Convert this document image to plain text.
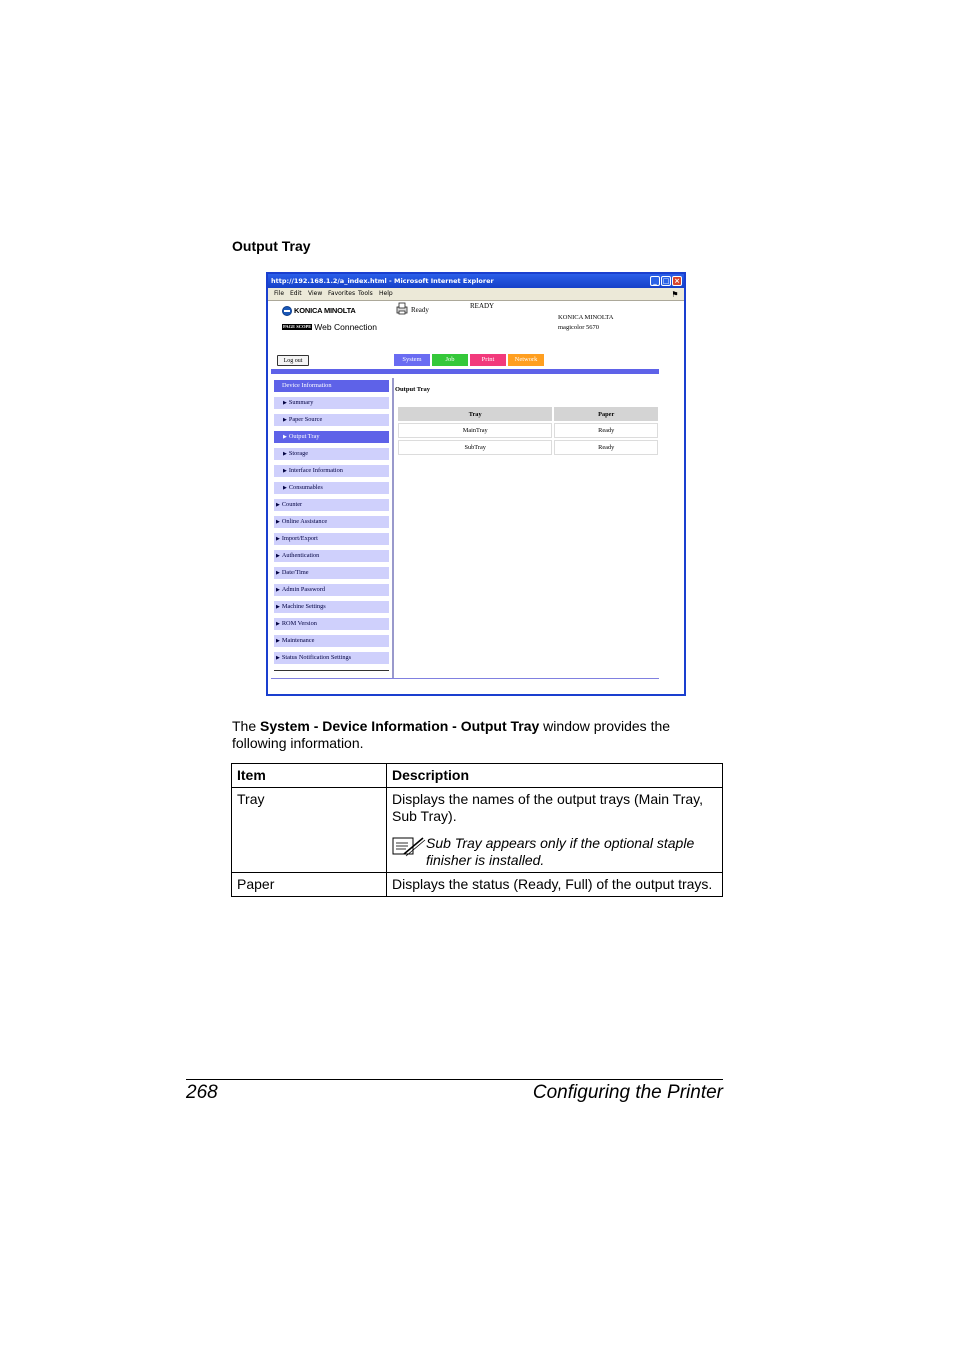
Output Tray
http://192.168.1.2/a_index.html - Microsoft Internet Explorer	_ □ ×
File Edit View Favorites Tools Help	⚑
KONICA MINOLTA
PAGE SCOPE Web Connection
Ready	READY
KONICA MINOLTA
magicolor 5670
Log out	System	Job	Print	Network
Device Information
▶ Summary
▶ Paper Source
▶ Output Tray
▶ Storage
▶ Interface Information
▶ Consumables
▶ Counter
▶ Online Assistance
▶ Import/Export
▶ Authentication
▶ Date/Time
▶ Admin Password
▶ Machine Settings
▶ ROM Version
▶ Maintenance
▶ Status Notification Settings
Output Tray
Tray	Paper
MainTray	Ready
SubTray	Ready

The System - Device Information - Output Tray window provides the following information.

Item	Description
Tray	Displays the names of the output trays (Main Tray, Sub Tray).
Sub Tray appears only if the optional staple finisher is installed.

Paper	Displays the status (Ready, Full) of the output trays.
268	Configuring the Printer
